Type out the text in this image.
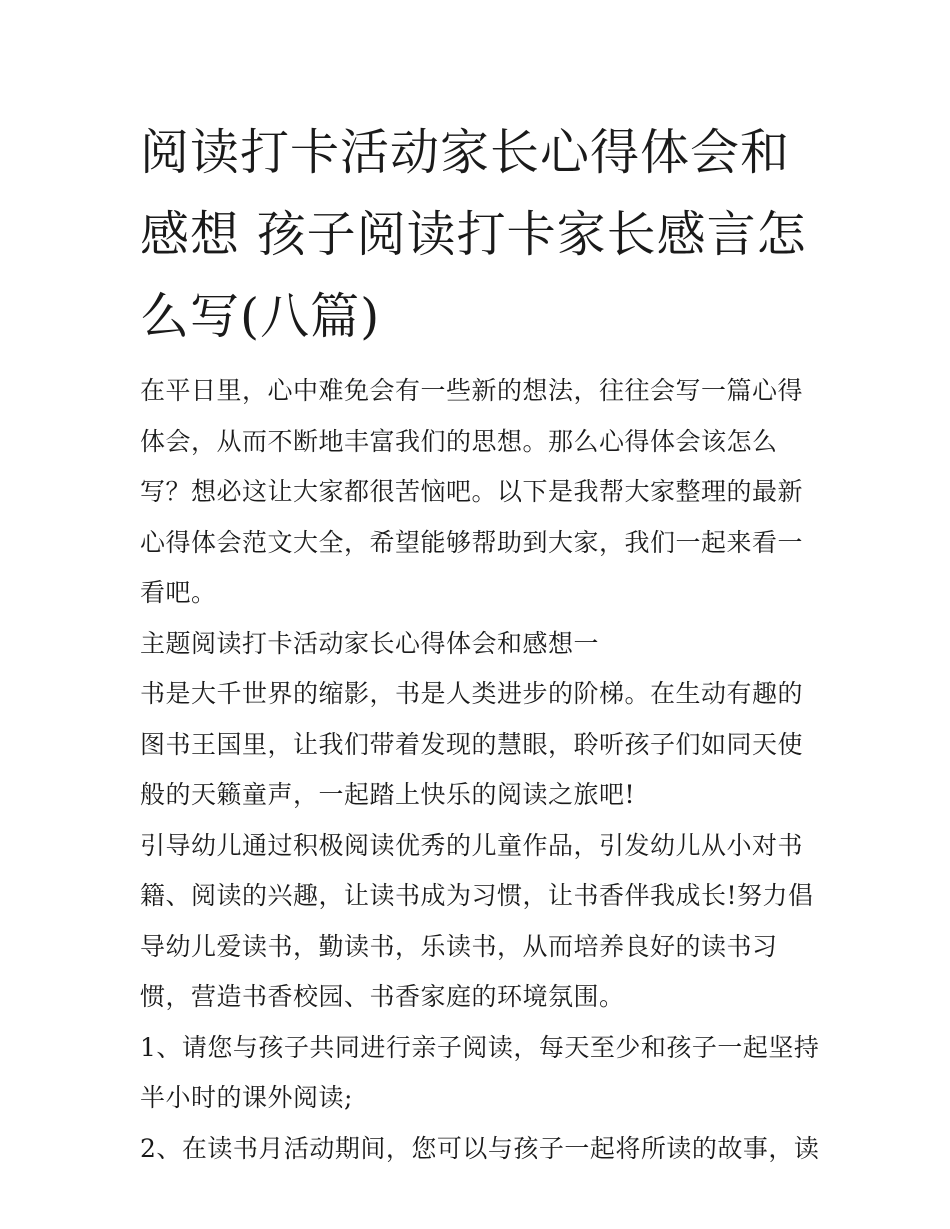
阅读打卡活动家长心得体会和感想 孩子阅读打卡家长感言怎么写(八篇)

在平日里，心中难免会有一些新的想法，往往会写一篇心得体会，从而不断地丰富我们的思想。那么心得体会该怎么写？想必这让大家都很苦恼吧。以下是我帮大家整理的最新心得体会范文大全，希望能够帮助到大家，我们一起来看一看吧。

主题阅读打卡活动家长心得体会和感想一

书是大千世界的缩影，书是人类进步的阶梯。在生动有趣的图书王国里，让我们带着发现的慧眼，聆听孩子们如同天使般的天籁童声，一起踏上快乐的阅读之旅吧!

引导幼儿通过积极阅读优秀的儿童作品，引发幼儿从小对书籍、阅读的兴趣，让读书成为习惯，让书香伴我成长!努力倡导幼儿爱读书，勤读书，乐读书，从而培养良好的读书习惯，营造书香校园、书香家庭的环境氛围。

1、请您与孩子共同进行亲子阅读，每天至少和孩子一起坚持半小时的课外阅读;

2、在读书月活动期间，您可以与孩子一起将所读的故事，读
